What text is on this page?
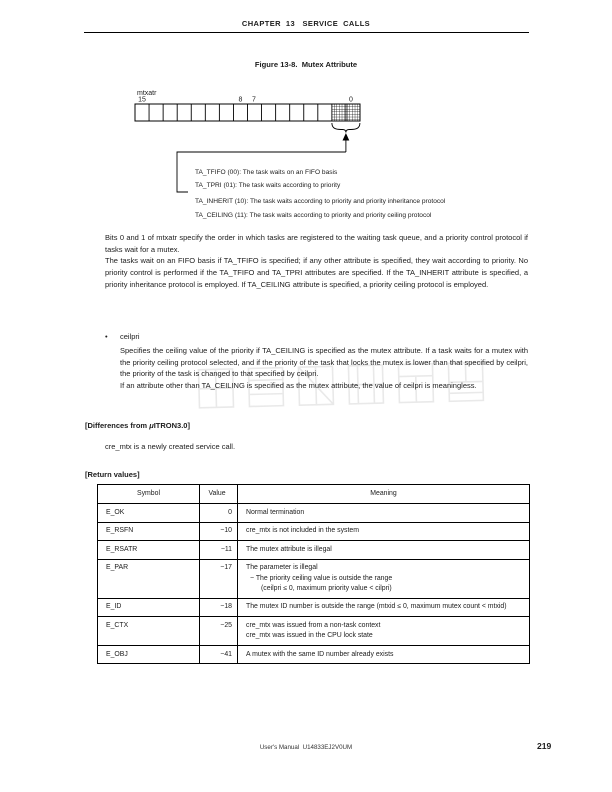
CHAPTER  13   SERVICE  CALLS
Figure 13-8.  Mutex Attribute
mtxatr
15	8 7	0
TA_TFIFO (00): The task waits on an FIFO basis
TA_TPRI (01): The task waits according to priority
TA_INHERIT (10): The task waits according to priority and priority inheritance protocol
TA_CEILING (11): The task waits according to priority and priority ceiling protocol
Bits 0 and 1 of mtxatr specify the order in which tasks are registered to the waiting task queue, and a priority control protocol if tasks wait for a mutex.
The tasks wait on an FIFO basis if TA_TFIFO is specified; if any other attribute is specified, they wait according to priority. No priority control is performed if the TA_TFIFO and TA_TPRI attributes are specified. If the TA_INHERIT attribute is specified, a priority inheritance protocol is employed. If TA_CEILING attribute is specified, a priority ceiling protocol is employed.
•	ceilpri
Specifies the ceiling value of the priority if TA_CEILING is specified as the mutex attribute. If a task waits for a mutex with the priority ceiling protocol selected, and if the priority of the task that locks the mutex is lower than that specified by ceilpri, the priority of the task is changed to that specified by ceilpri.
If an attribute other than TA_CEILING is specified as the mutex attribute, the value of ceilpri is meaningless.
[Differences from μITRON3.0]
cre_mtx is a newly created service call.
[Return values]
Symbol	Value	Meaning
E_OK	0	Normal termination

E_RSFN	−10	cre_mtx is not included in the system

E_RSATR	−11	The mutex attribute is illegal

E_PAR	−17	The parameter is illegal
− The priority ceiling value is outside the range
(ceilpri ≤ 0, maximum priority value < cilpri)

E_ID	−18	The mutex ID number is outside the range (mtxid ≤ 0, maximum mutex count < mtxid)

E_CTX	−25	cre_mtx was issued from a non-task context
cre_mtx was issued in the CPU lock state

E_OBJ	−41	A mutex with the same ID number already exists
User's Manual  U14833EJ2V0UM	219
